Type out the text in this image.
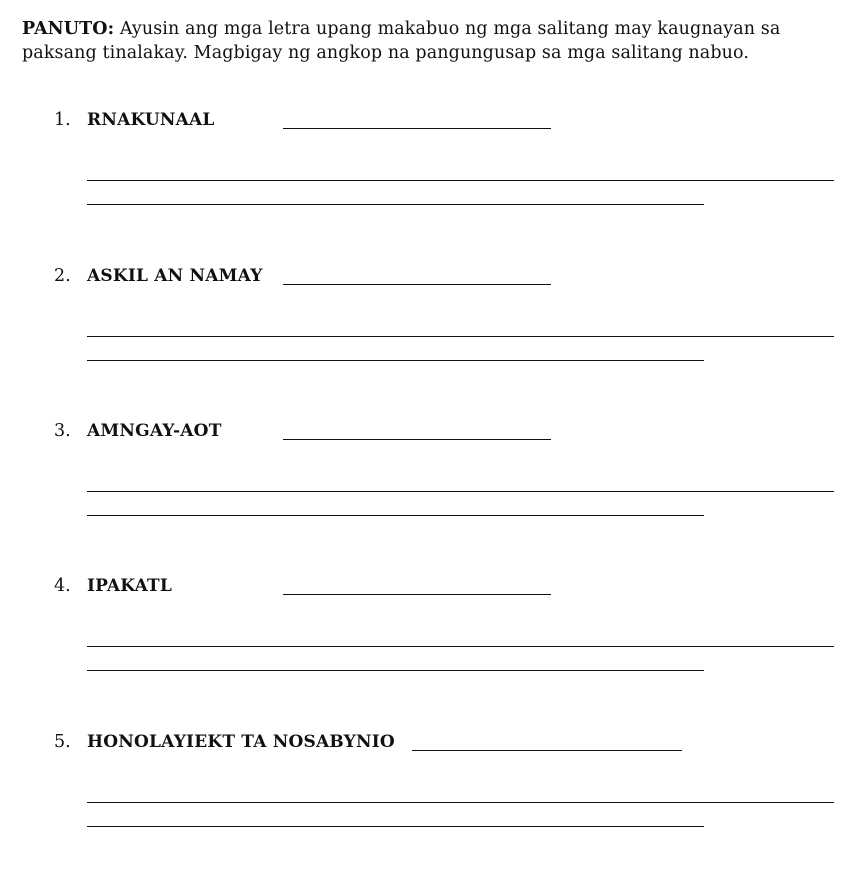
PANUTO: Ayusin ang mga letra upang makabuo ng mga salitang may kaugnayan sa paksang tinalakay. Magbigay ng angkop na pangungusap sa mga salitang nabuo.
1. RNAKUNAAL
2. ASKIL AN NAMAY
3. AMNGAY-AOT
4. IPAKATL
5. HONOLAYIEKT TA NOSABYNIO
